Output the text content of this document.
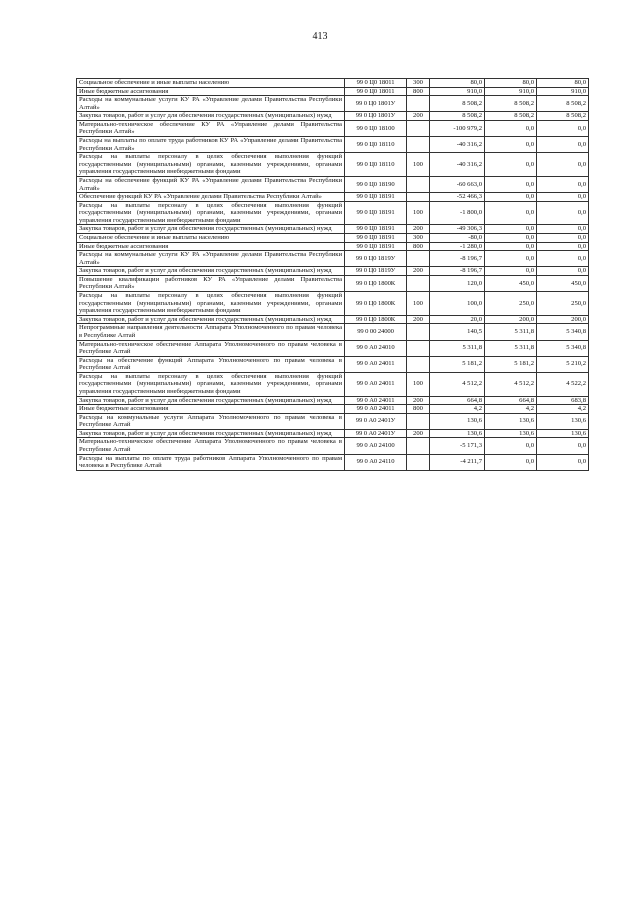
413
Социальное обеспечение и иные выплаты населению	99 0 Ц0 18011	300	80,0	80,0	80,0
Иные бюджетные ассигнования	99 0 Ц0 18011	800	910,0	910,0	910,0
Расходы на коммунальные услуги КУ РА «Управление делами Правительства Республики Алтай»	99 0 Ц0 1801У		8 508,2	8 508,2	8 508,2
Закупка товаров, работ и услуг для обеспечения государственных (муниципальных) нужд	99 0 Ц0 1801У	200	8 508,2	8 508,2	8 508,2
Материально-техническое обеспечение КУ РА «Управление делами Правительства Республики Алтай»	99 0 Ц0 18100		-100 979,2	0,0	0,0
Расходы на выплаты по оплате труда работников КУ РА «Управление делами Правительства Республики Алтай»	99 0 Ц0 18110		-40 316,2	0,0	0,0
Расходы на выплаты персоналу в целях обеспечения выполнения функций государственными (муниципальными) органами, казенными учреждениями, органами управления государственными внебюджетными фондами	99 0 Ц0 18110	100	-40 316,2	0,0	0,0
Расходы на обеспечение функций КУ РА «Управление делами Правительства Республики Алтай»	99 0 Ц0 18190		-60 663,0	0,0	0,0
Обеспечение функций КУ РА «Управление делами Правительства Республики Алтай»	99 0 Ц0 18191		-52 466,3	0,0	0,0
Расходы на выплаты персоналу в целях обеспечения выполнения функций государственными (муниципальными) органами, казенными учреждениями, органами управления государственными внебюджетными фондами	99 0 Ц0 18191	100	-1 800,0	0,0	0,0
Закупка товаров, работ и услуг для обеспечения государственных (муниципальных) нужд	99 0 Ц0 18191	200	-49 306,3	0,0	0,0
Социальное обеспечение и иные выплаты населению	99 0 Ц0 18191	300	-80,0	0,0	0,0
Иные бюджетные ассигнования	99 0 Ц0 18191	800	-1 280,0	0,0	0,0
Расходы на коммунальные услуги КУ РА «Управление делами Правительства Республики Алтай»	99 0 Ц0 1819У		-8 196,7	0,0	0,0
Закупка товаров, работ и услуг для обеспечения государственных (муниципальных) нужд	99 0 Ц0 1819У	200	-8 196,7	0,0	0,0
Повышение квалификации работников КУ РА «Управление делами Правительства Республики Алтай»	99 0 Ц0 1800К		120,0	450,0	450,0
Расходы на выплаты персоналу в целях обеспечения выполнения функций государственными (муниципальными) органами, казенными учреждениями, органами управления государственными внебюджетными фондами	99 0 Ц0 1800К	100	100,0	250,0	250,0
Закупка товаров, работ и услуг для обеспечения государственных (муниципальных) нужд	99 0 Ц0 1800К	200	20,0	200,0	200,0
Непрограммные направления деятельности Аппарата Уполномоченного по правам человека в Республике Алтай	99 0 00 24000		140,5	5 311,8	5 340,8
Материально-техническое обеспечение Аппарата Уполномоченного по правам человека в Республике Алтай	99 0 А0 24010		5 311,8	5 311,8	5 340,8
Расходы на обеспечение функций Аппарата Уполномоченного по правам человека в Республике Алтай	99 0 А0 24011		5 181,2	5 181,2	5 210,2
Расходы на выплаты персоналу в целях обеспечения выполнения функций государственными (муниципальными) органами, казенными учреждениями, органами управления государственными внебюджетными фондами	99 0 А0 24011	100	4 512,2	4 512,2	4 522,2
Закупка товаров, работ и услуг для обеспечения государственных (муниципальных) нужд	99 0 А0 24011	200	664,8	664,8	683,8
Иные бюджетные ассигнования	99 0 А0 24011	800	4,2	4,2	4,2
Расходы на коммунальные услуги Аппарата Уполномоченного по правам человека в Республике Алтай	99 0 А0 2401У		130,6	130,6	130,6
Закупка товаров, работ и услуг для обеспечения государственных (муниципальных) нужд	99 0 А0 2401У	200	130,6	130,6	130,6
Материально-техническое обеспечение Аппарата Уполномоченного по правам человека в Республике Алтай	99 0 А0 24100		-5 171,3	0,0	0,0
Расходы на выплаты по оплате труда работников Аппарата Уполномоченного по правам человека в Республике Алтай	99 0 А0 24110		-4 211,7	0,0	0,0
